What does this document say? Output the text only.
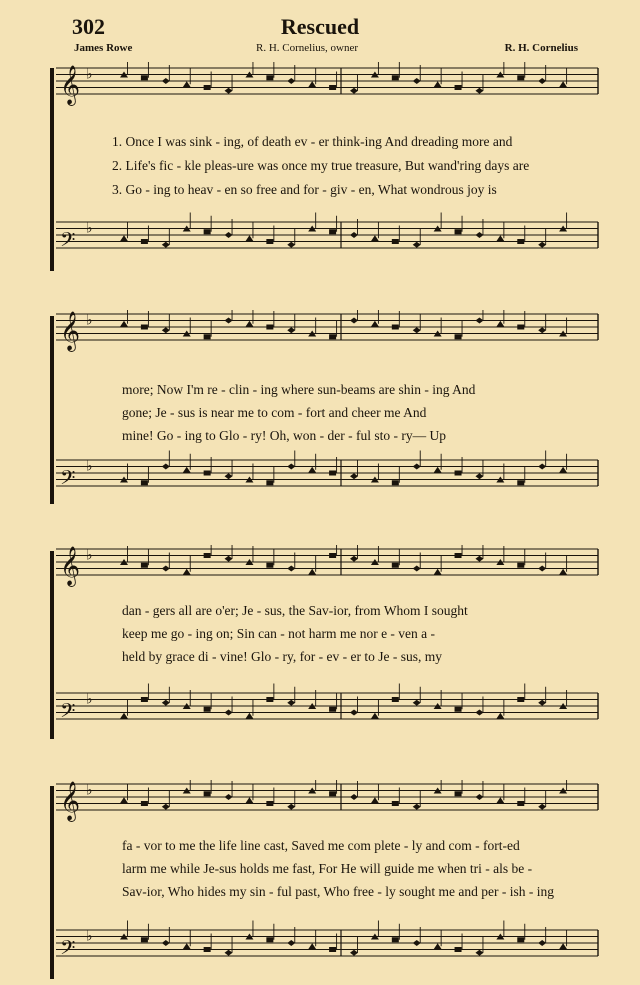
302	Rescued
James Rowe	R. H. Cornelius, owner	R. H. Cornelius
𝄞 ♭
𝄢 ♭
1. Once I was sink - ing, of death ev - er think-ing And dreading more and
2. Life's fic - kle pleas-ure was once my true treasure, But wand'ring days are
3. Go - ing to heav - en so free and for - giv - en, What wondrous joy is
𝄞 ♭
𝄢 ♭
more; Now I'm re - clin - ing where sun-beams are shin - ing And
gone; Je - sus is near me to com - fort and cheer me And
mine! Go - ing to Glo - ry! Oh, won - der - ful sto - ry— Up
𝄞 ♭
𝄢 ♭
dan - gers all are o'er; Je - sus, the Sav-ior, from Whom I sought
keep me go - ing on; Sin can - not harm me nor e - ven a -
held by grace di - vine! Glo - ry, for - ev - er to Je - sus, my
𝄞 ♭
𝄢 ♭
fa - vor to me the life line cast, Saved me com plete - ly and com - fort-ed
larm me while Je-sus holds me fast, For He will guide me when tri - als be -
Sav-ior, Who hides my sin - ful past, Who free - ly sought me and per - ish - ing
